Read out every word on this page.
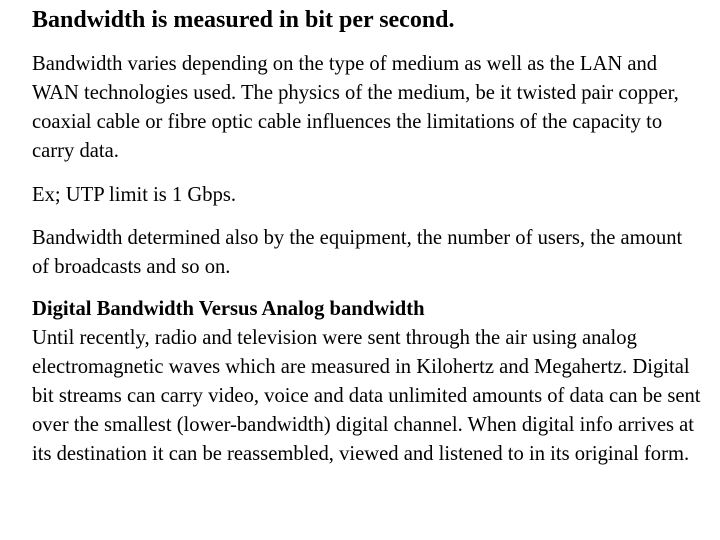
Bandwidth is measured in bit per second.

Bandwidth varies depending on the type of medium as well as the LAN and WAN technologies used. The physics of the medium, be it twisted pair copper, coaxial cable or fibre optic cable influences the limitations of the capacity to carry data.

Ex; UTP limit is 1 Gbps.

Bandwidth determined also by the equipment, the number of users, the amount of broadcasts and so on.

Digital Bandwidth Versus Analog bandwidth
Until recently, radio and television were sent through the air using analog electromagnetic waves which are measured in Kilohertz and Megahertz. Digital bit streams can carry video, voice and data unlimited amounts of data can be sent over the smallest (lower-bandwidth) digital channel. When digital info arrives at its destination it can be reassembled, viewed and listened to in its original form.
